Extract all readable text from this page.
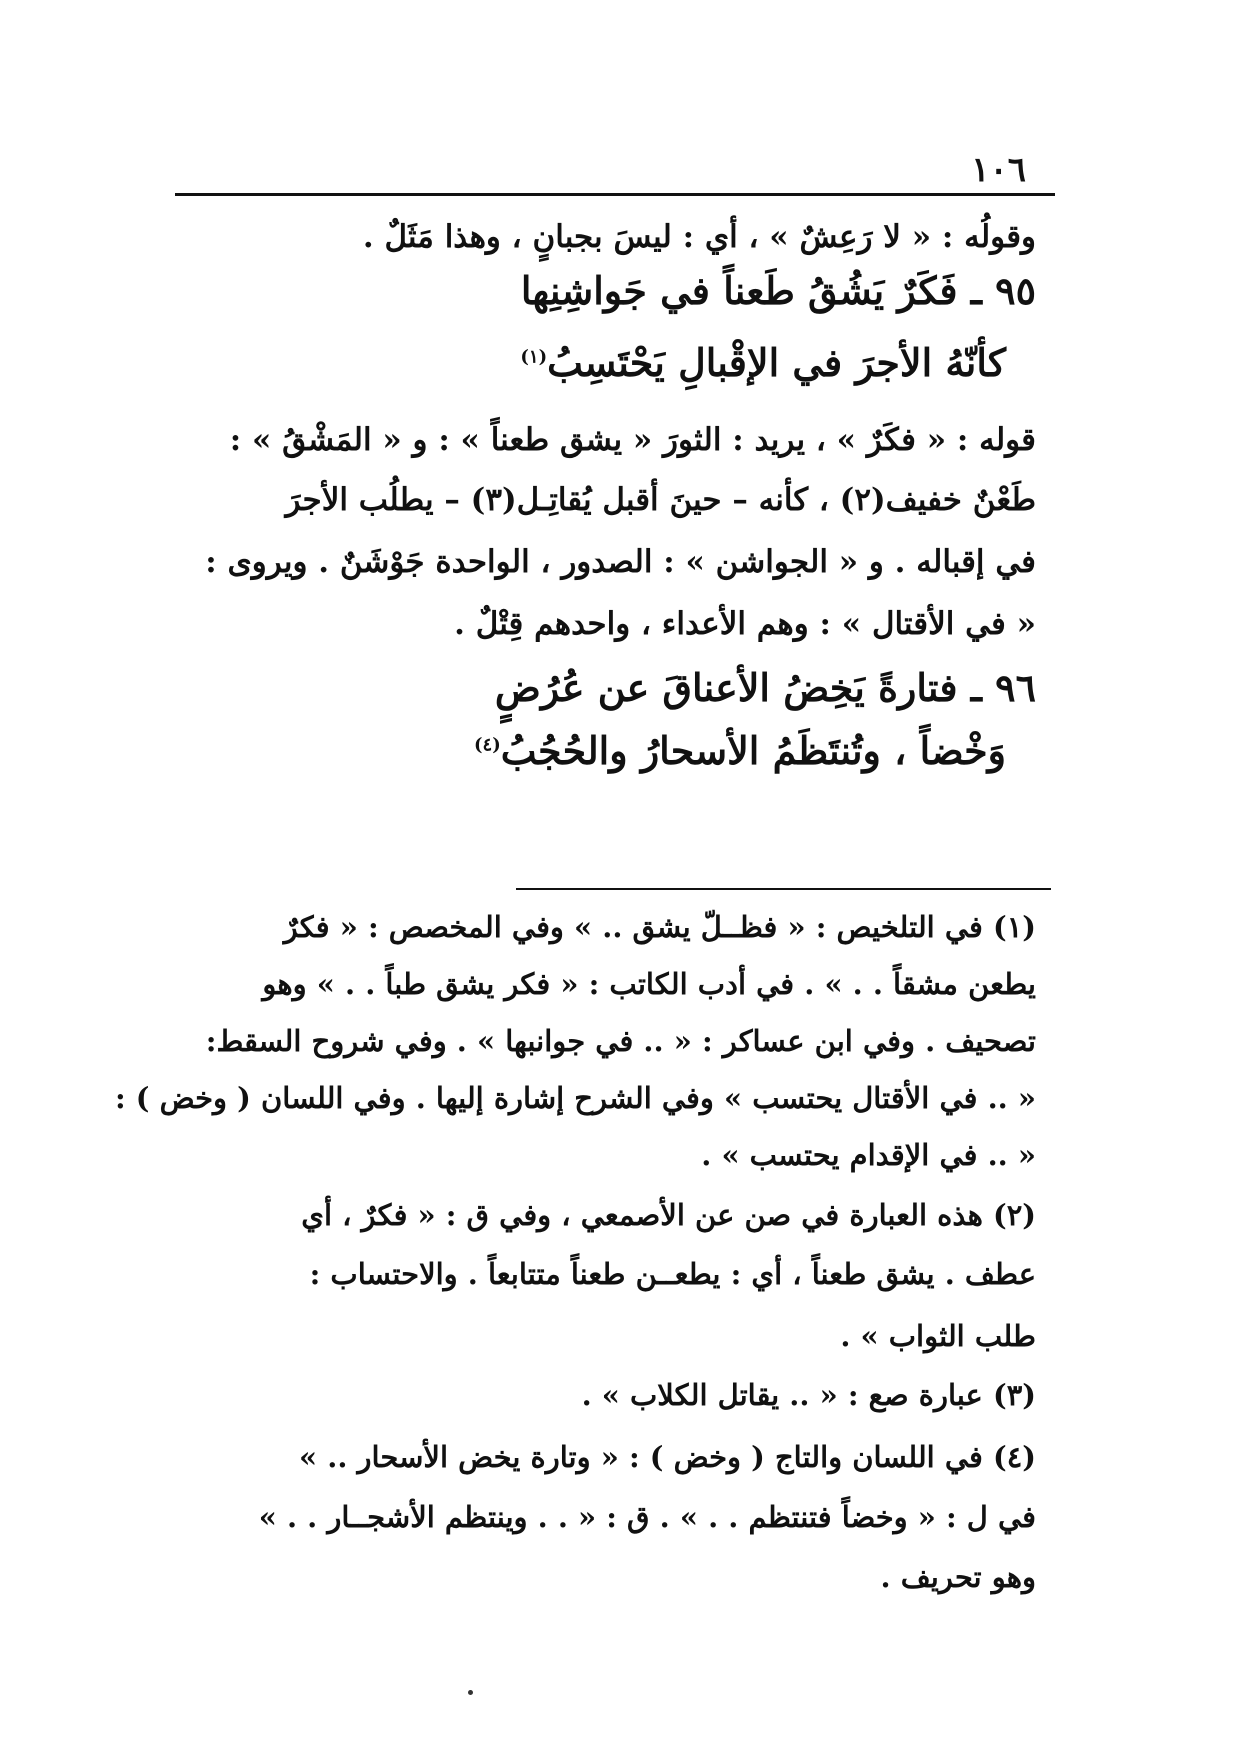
١٠٦
وقولُه : « لا رَعِشٌ » ، أي : ليسَ بجبانٍ ، وهذا مَثَلٌ .
٩٥ ـ فَكَرٌ يَشُقُ طَعناً في جَواشِنِها
كأنّهُ الأجرَ في الإقْبالِ يَحْتَسِبُ$^{(١)}$
قوله : « فكَرٌ » ، يريد : الثورَ « يشق طعناً » : و « المَشْقُ » :
طَعْنٌ خفيف(٢) ، كأنه – حينَ أقبل يُقاتِـل(٣) – يطلُب الأجرَ
في إقباله . و « الجواشن » : الصدور ، الواحدة جَوْشَنٌ . ويروى :
« في الأقتال » : وهم الأعداء ، واحدهم قِتْلٌ .
٩٦ ـ فتارةً يَخِضُ الأعناقَ عن عُرُضٍ
وَخْضاً ، وتُنتَظَمُ الأسحارُ والحُجُبُ$^{(٤)}$
(١) في التلخيص : « فظــلّ يشق .. » وفي المخصص : « فكرٌ
يطعن مشقاً . . » . في أدب الكاتب : « فكر يشق طباً . . » وهو
تصحيف . وفي ابن عساكر : « .. في جوانبها » . وفي شروح السقط:
« .. في الأقتال يحتسب » وفي الشرح إشارة إليها . وفي اللسان ( وخض ) :
« .. في الإقدام يحتسب » .
(٢) هذه العبارة في صن عن الأصمعي ، وفي ق : « فكرٌ ، أي
عطف . يشق طعناً ، أي : يطعــن طعناً متتابعاً . والاحتساب :
طلب الثواب » .
(٣) عبارة صع : « .. يقاتل الكلاب » .
(٤) في اللسان والتاج ( وخض ) : « وتارة يخض الأسحار .. »
في ل : « وخضاً فتنتظم . . » . ق : « . . وينتظم الأشجــار . . »
وهو تحريف .
